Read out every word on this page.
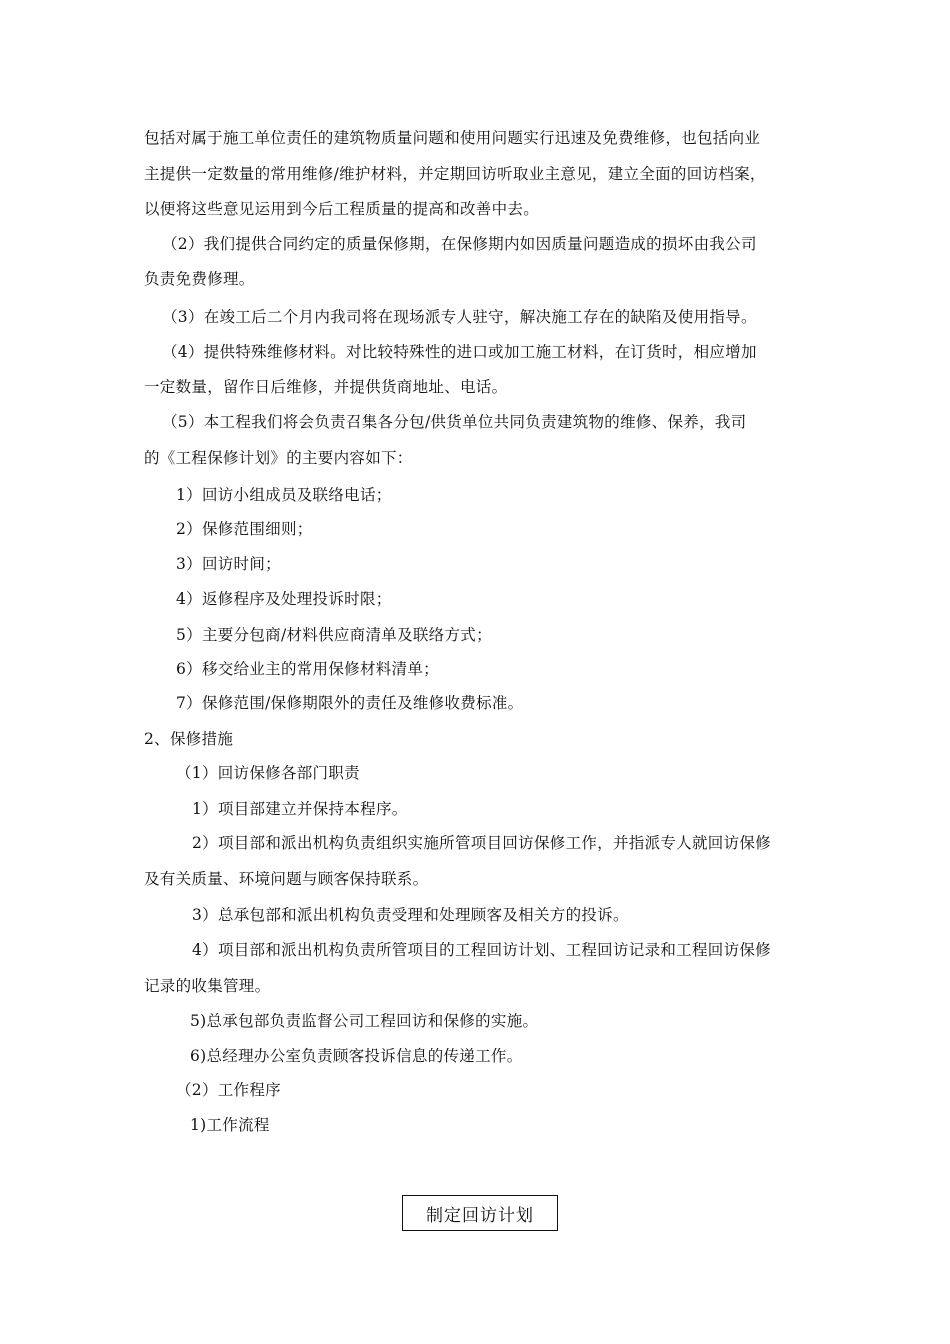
包括对属于施工单位责任的建筑物质量问题和使用问题实行迅速及免费维修，也包括向业
主提供一定数量的常用维修/维护材料，并定期回访听取业主意见，建立全面的回访档案，
以便将这些意见运用到今后工程质量的提高和改善中去。
（2）我们提供合同约定的质量保修期，在保修期内如因质量问题造成的损坏由我公司
负责免费修理。
（3）在竣工后二个月内我司将在现场派专人驻守，解决施工存在的缺陷及使用指导。
（4）提供特殊维修材料。对比较特殊性的进口或加工施工材料，在订货时，相应增加
一定数量，留作日后维修，并提供货商地址、电话。
（5）本工程我们将会负责召集各分包/供货单位共同负责建筑物的维修、保养，我司
的《工程保修计划》的主要内容如下：
1）回访小组成员及联络电话；
2）保修范围细则；
3）回访时间；
4）返修程序及处理投诉时限；
5）主要分包商/材料供应商清单及联络方式；
6）移交给业主的常用保修材料清单；
7）保修范围/保修期限外的责任及维修收费标准。
2、保修措施
（1）回访保修各部门职责
1）项目部建立并保持本程序。
2）项目部和派出机构负责组织实施所管项目回访保修工作，并指派专人就回访保修
及有关质量、环境问题与顾客保持联系。
3）总承包部和派出机构负责受理和处理顾客及相关方的投诉。
4）项目部和派出机构负责所管项目的工程回访计划、工程回访记录和工程回访保修
记录的收集管理。
5)总承包部负责监督公司工程回访和保修的实施。
6)总经理办公室负责顾客投诉信息的传递工作。
（2）工作程序
1)工作流程
制定回访计划
